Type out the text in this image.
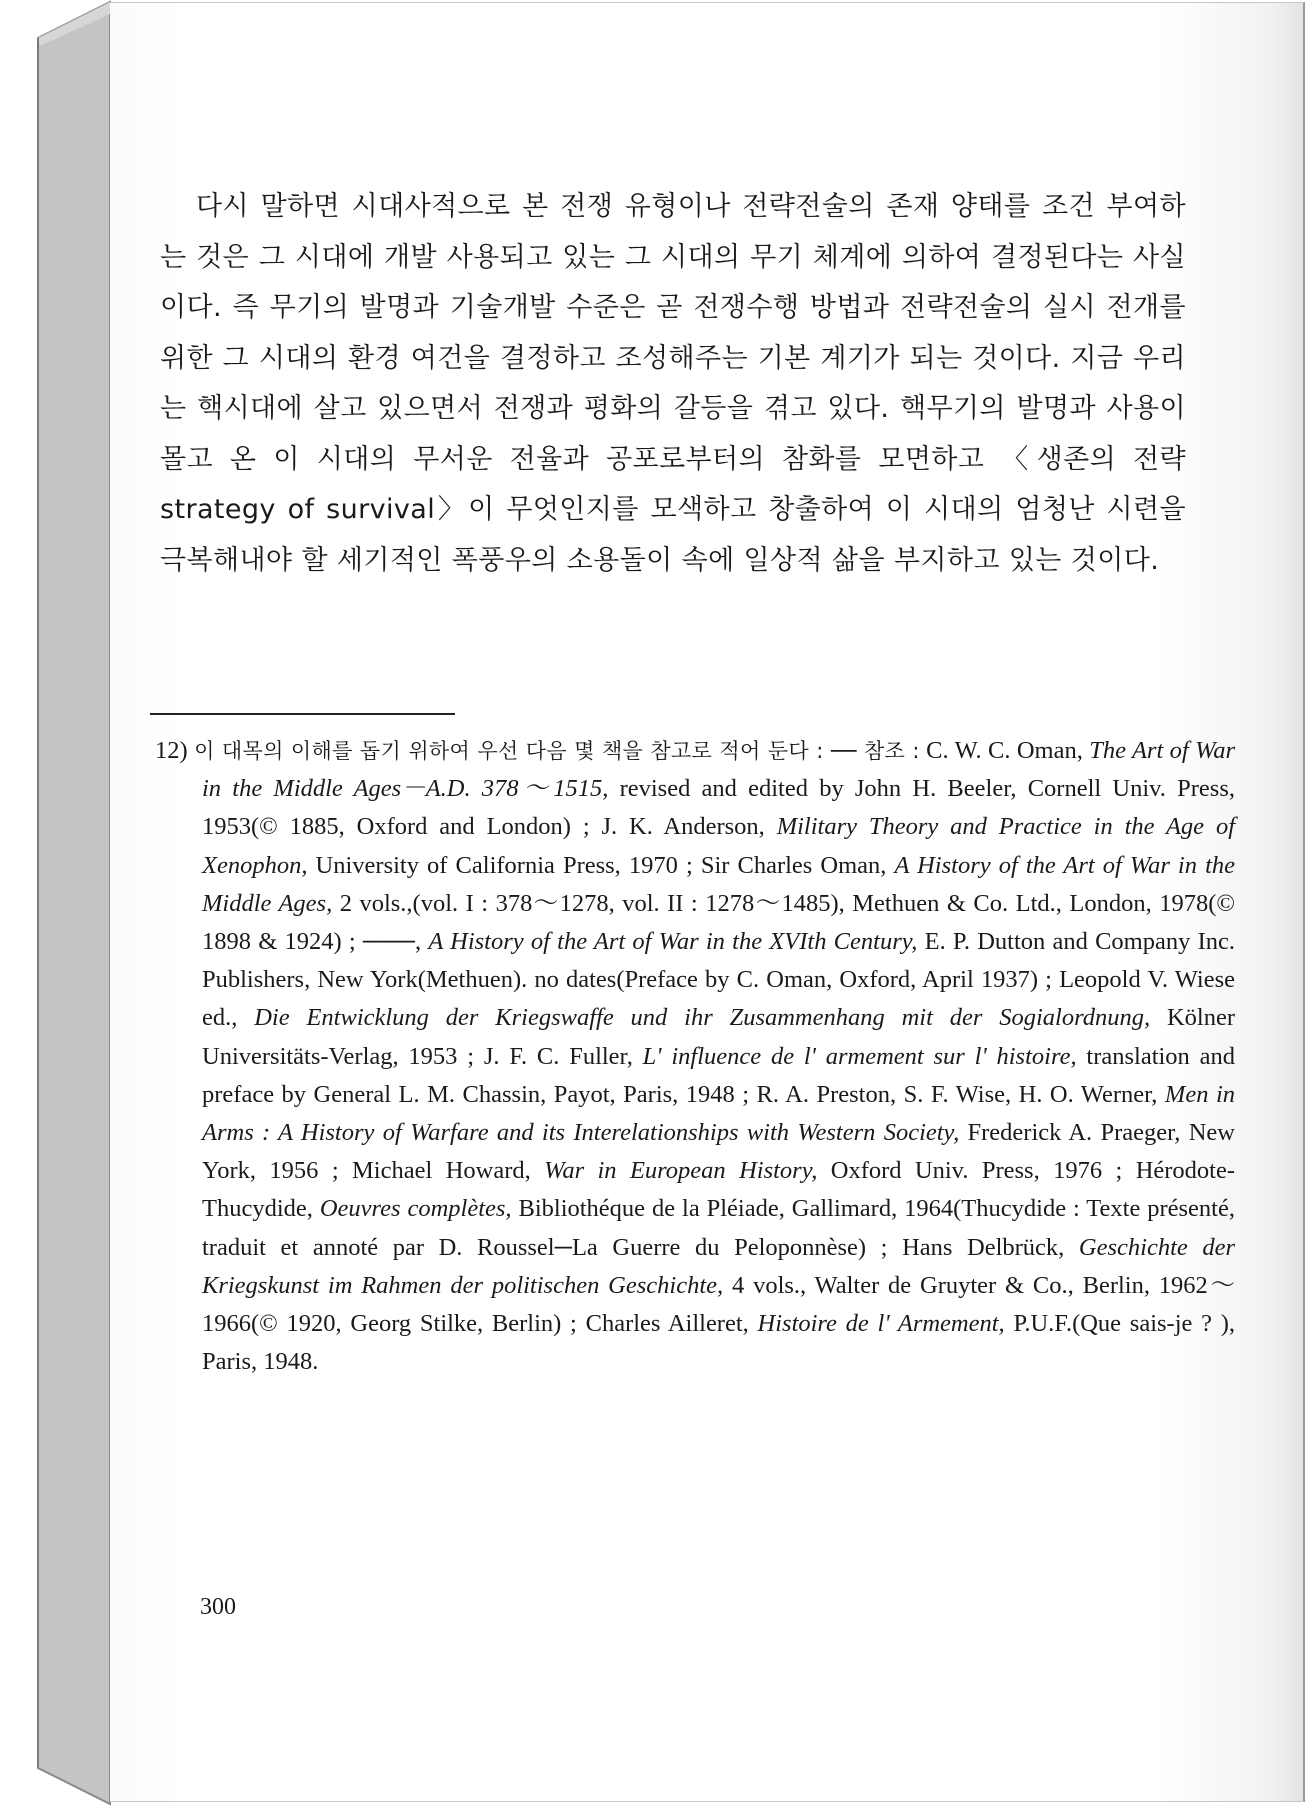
다시 말하면 시대사적으로 본 전쟁 유형이나 전략전술의 존재 양태를 조건 부여하는 것은 그 시대에 개발 사용되고 있는 그 시대의 무기 체계에 의하여 결정된다는 사실이다. 즉 무기의 발명과 기술개발 수준은 곧 전쟁수행 방법과 전략전술의 실시 전개를 위한 그 시대의 환경 여건을 결정하고 조성해주는 기본 계기가 되는 것이다. 지금 우리는 핵시대에 살고 있으면서 전쟁과 평화의 갈등을 겪고 있다. 핵무기의 발명과 사용이 몰고 온 이 시대의 무서운 전율과 공포로부터의 참화를 모면하고 〈생존의 전략 strategy of survival〉이 무엇인지를 모색하고 창출하여 이 시대의 엄청난 시련을 극복해내야 할 세기적인 폭풍우의 소용돌이 속에 일상적 삶을 부지하고 있는 것이다.

12) 이 대목의 이해를 돕기 위하여 우선 다음 몇 책을 참고로 적어 둔다 : ── 참조 : C. W. C. Oman, The Art of War in the Middle Ages－A.D. 378～1515, revised and edited by John H. Beeler, Cornell Univ. Press, 1953(© 1885, Oxford and London) ; J. K. Anderson, Military Theory and Practice in the Age of Xenophon, University of California Press, 1970 ; Sir Charles Oman, A History of the Art of War in the Middle Ages, 2 vols.,(vol. I : 378～1278, vol. II : 1278～1485), Methuen & Co. Ltd., London, 1978(© 1898 & 1924) ; ───, A History of the Art of War in the XVIth Century, E. P. Dutton and Company Inc. Publishers, New York(Methuen). no dates(Preface by C. Oman, Oxford, April 1937) ; Leopold V. Wiese ed., Die Entwicklung der Kriegswaffe und ihr Zusammenhang mit der Sogialordnung, Kölner Universitäts-Verlag, 1953 ; J. F. C. Fuller, L' influence de l' armement sur l' histoire, translation and preface by General L. M. Chassin, Payot, Paris, 1948 ; R. A. Preston, S. F. Wise, H. O. Werner, Men in Arms : A History of Warfare and its Interelationships with Western Society, Frederick A. Praeger, New York, 1956 ; Michael Howard, War in European History, Oxford Univ. Press, 1976 ; Hérodote-Thucydide, Oeuvres complètes, Bibliothéque de la Pléiade, Gallimard, 1964(Thucydide : Texte présenté, traduit et annoté par D. Roussel─La Guerre du Peloponnèse) ; Hans Delbrück, Geschichte der Kriegskunst im Rahmen der politischen Geschichte, 4 vols., Walter de Gruyter & Co., Berlin, 1962～1966(© 1920, Georg Stilke, Berlin) ; Charles Ailleret, Histoire de l' Armement, P.U.F.(Que sais-je ? ), Paris, 1948.

300
